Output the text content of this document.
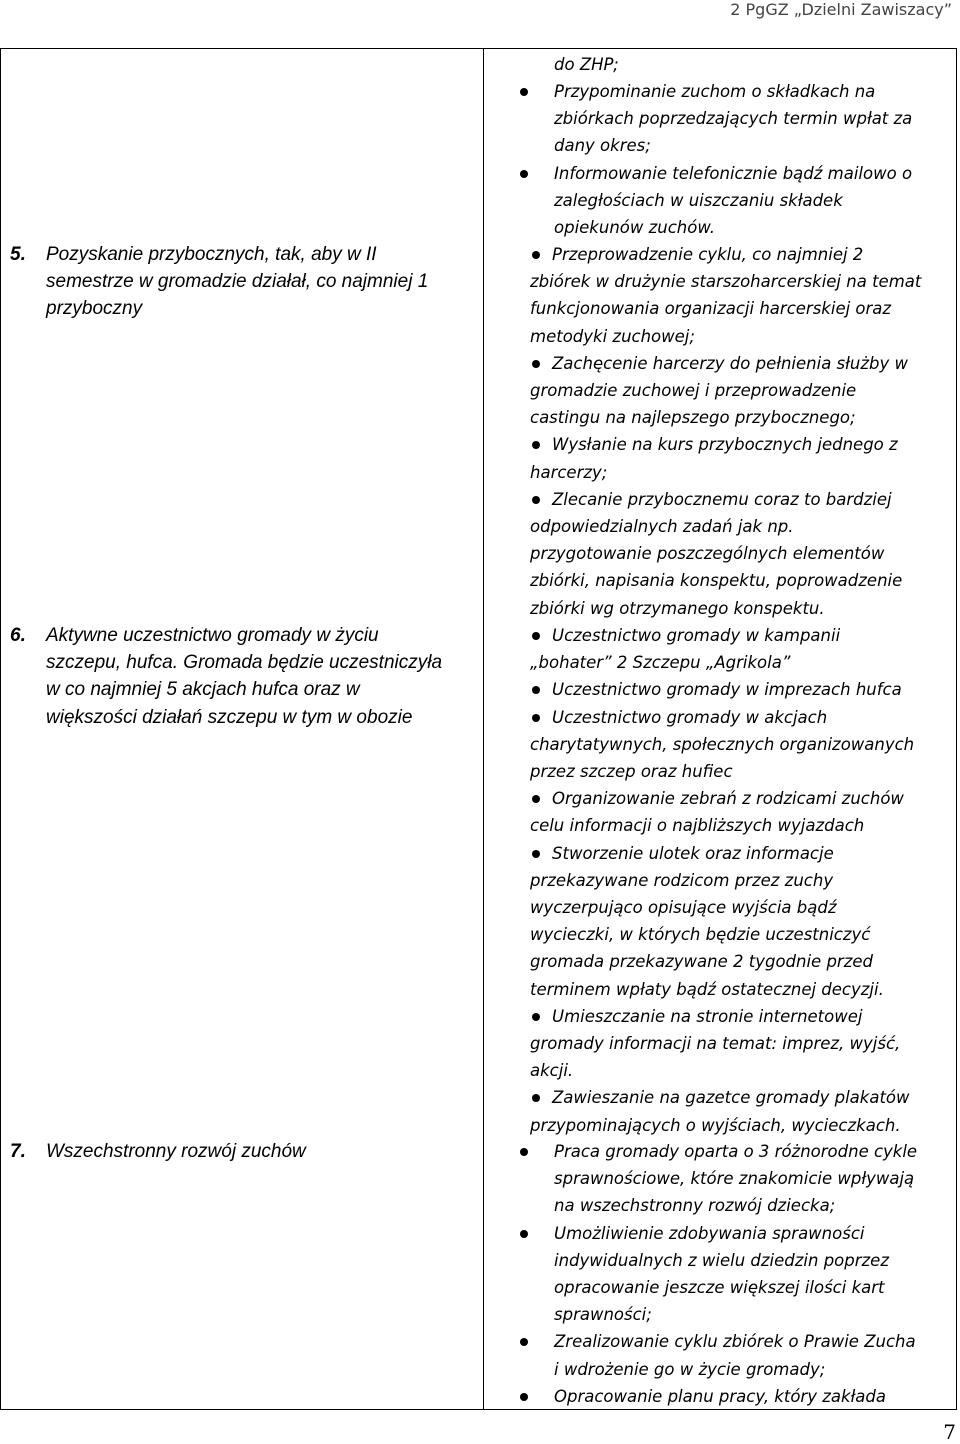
2 PgGZ „Dzielni Zawiszacy”
5. Pozyskanie przybocznych, tak, aby w II
semestrze w gromadzie działał, co najmniej 1
przyboczny
6. Aktywne uczestnictwo gromady w życiu
szczepu, hufca. Gromada będzie uczestniczyła
w co najmniej 5 akcjach hufca oraz w
większości działań szczepu w tym w obozie
7. Wszechstronny rozwój zuchów
do ZHP;
Przypominanie zuchom o składkach na
zbiórkach poprzedzających termin wpłat za
dany okres;
Informowanie telefonicznie bądź mailowo o
zaległościach w uiszczaniu składek
opiekunów zuchów.
Przeprowadzenie cyklu, co najmniej 2
zbiórek w drużynie starszoharcerskiej na temat
funkcjonowania organizacji harcerskiej oraz
metodyki zuchowej;
Zachęcenie harcerzy do pełnienia służby w
gromadzie zuchowej i przeprowadzenie
castingu na najlepszego przybocznego;
Wysłanie na kurs przybocznych jednego z
harcerzy;
Zlecanie przybocznemu coraz to bardziej
odpowiedzialnych zadań jak np.
przygotowanie poszczególnych elementów
zbiórki, napisania konspektu, poprowadzenie
zbiórki wg otrzymanego konspektu.
Uczestnictwo gromady w kampanii
„bohater” 2 Szczepu „Agrikola”
Uczestnictwo gromady w imprezach hufca
Uczestnictwo gromady w akcjach
charytatywnych, społecznych organizowanych
przez szczep oraz hufiec
Organizowanie zebrań z rodzicami zuchów
celu informacji o najbliższych wyjazdach
Stworzenie ulotek oraz informacje
przekazywane rodzicom przez zuchy
wyczerpująco opisujące wyjścia bądź
wycieczki, w których będzie uczestniczyć
gromada przekazywane 2 tygodnie przed
terminem wpłaty bądź ostatecznej decyzji.
Umieszczanie na stronie internetowej
gromady informacji na temat: imprez, wyjść,
akcji.
Zawieszanie na gazetce gromady plakatów
przypominających o wyjściach, wycieczkach.
Praca gromady oparta o 3 różnorodne cykle
sprawnościowe, które znakomicie wpływają
na wszechstronny rozwój dziecka;
Umożliwienie zdobywania sprawności
indywidualnych z wielu dziedzin poprzez
opracowanie jeszcze większej ilości kart
sprawności;
Zrealizowanie cyklu zbiórek o Prawie Zucha
i wdrożenie go w życie gromady;
Opracowanie planu pracy, który zakłada
7
